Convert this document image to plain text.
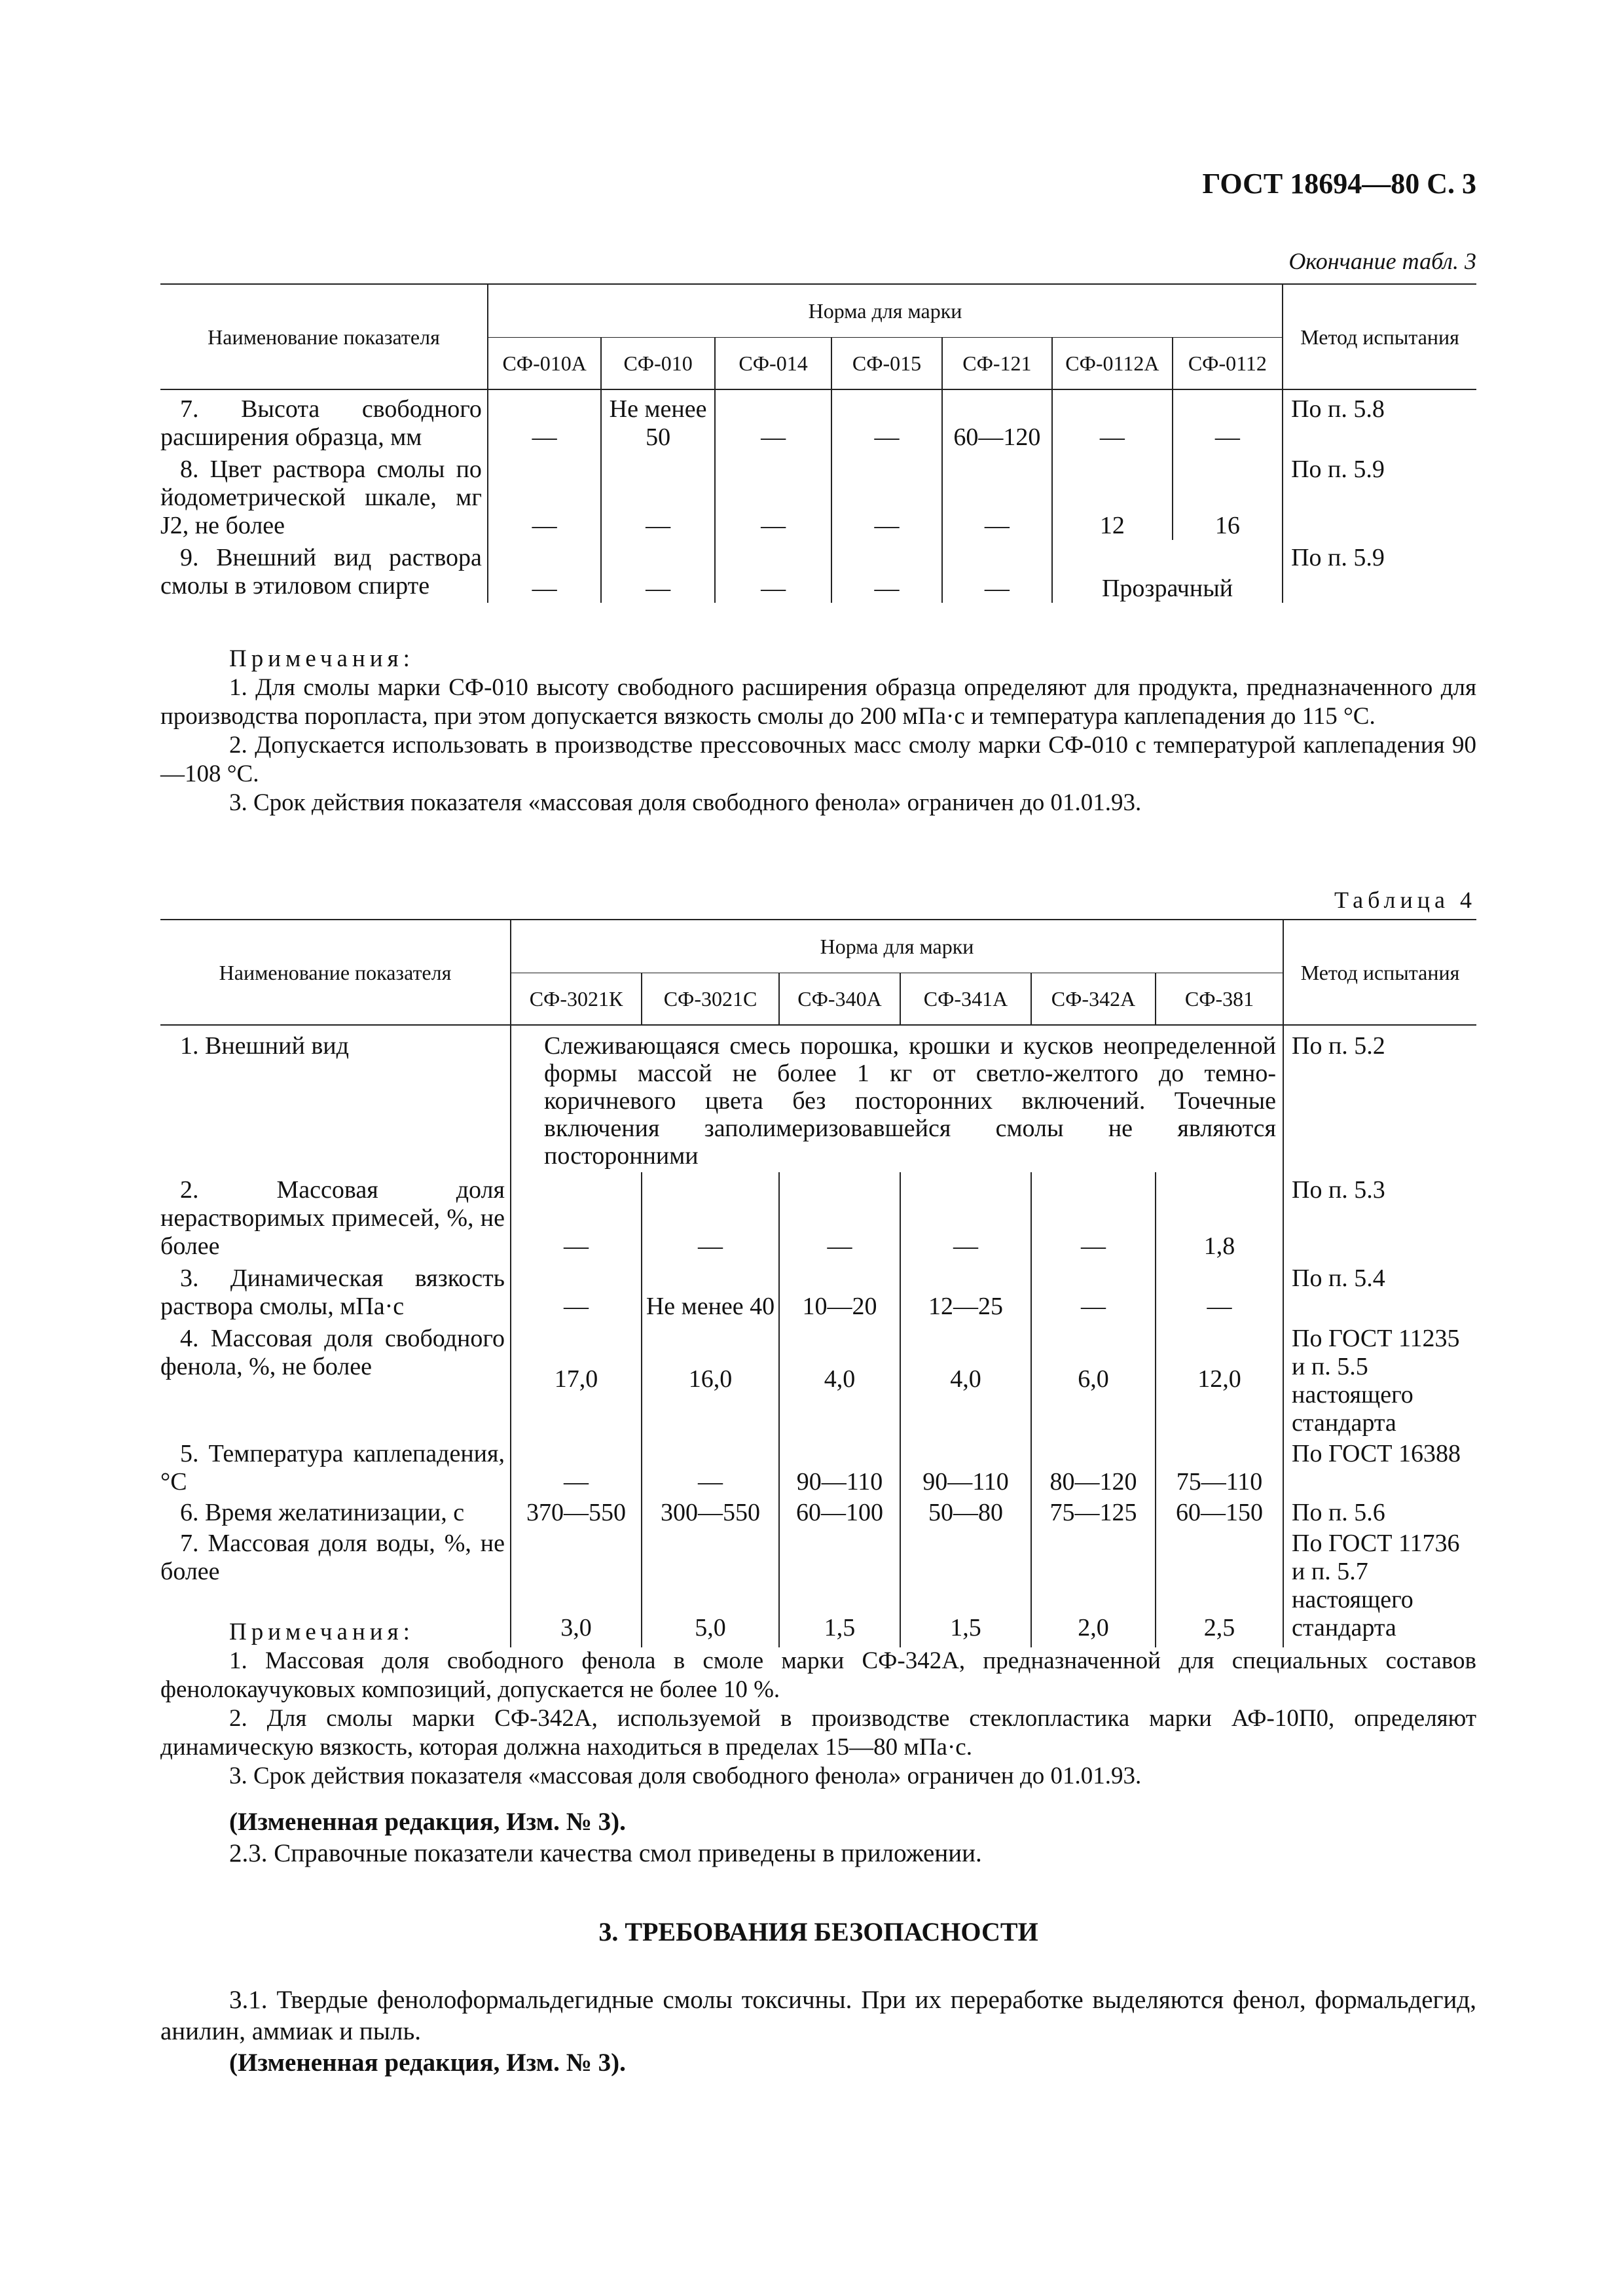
ГОСТ 18694—80 С. 3
Окончание табл. 3
Наименование показателя	Норма для марки							Метод испытания
	СФ-010А	СФ-010	СФ-014	СФ-015	СФ-121	СФ-0112А	СФ-0112	
7. Высота свободного расширения образца, мм	—	Не менее 50	—	—	60—120	—	—	По п. 5.8
8. Цвет раствора смолы по йодометрической шкале, мг J2, не более	—	—	—	—	—	12	16	По п. 5.9
9. Внешний вид раствора смолы в этиловом спирте	—	—	—	—	—	Прозрачный		По п. 5.9

Примечания:

1. Для смолы марки СФ-010 высоту свободного расширения образца определяют для продукта, предназначенного для производства поропласта, при этом допускается вязкость смолы до 200 мПа·с и температура каплепадения до 115 °С.

2. Допускается использовать в производстве прессовочных масс смолу марки СФ-010 с температурой каплепадения 90—108 °С.

3. Срок действия показателя «массовая доля свободного фенола» ограничен до 01.01.93.

Таблица 4
Наименование показателя	Норма для марки						Метод испытания
	СФ-3021К	СФ-3021С	СФ-340А	СФ-341А	СФ-342А	СФ-381	
1. Внешний вид	Слеживающаяся смесь порошка, крошки и кусков неопределенной формы массой не более 1 кг от светло-желтого до темно-коричневого цвета без посторонних включений. Точечные включения заполимеризовавшейся смолы не являются посторонними						По п. 5.2
2. Массовая доля нерастворимых примесей, %, не более	—	—	—	—	—	1,8	По п. 5.3
3. Динамическая вязкость раствора смолы, мПа·с	—	Не менее 40	10—20	12—25	—	—	По п. 5.4
4. Массовая доля свободного фенола, %, не более	17,0	16,0	4,0	4,0	6,0	12,0	По ГОСТ 11235 и п. 5.5 настоящего стандарта
5. Температура каплепадения, °С	—	—	90—110	90—110	80—120	75—110	По ГОСТ 16388
6. Время желатинизации, с	370—550	300—550	60—100	50—80	75—125	60—150	По п. 5.6
7. Массовая доля воды, %, не более	3,0	5,0	1,5	1,5	2,0	2,5	По ГОСТ 11736 и п. 5.7 настоящего стандарта

Примечания:

1. Массовая доля свободного фенола в смоле марки СФ-342А, предназначенной для специальных составов фенолокаучуковых композиций, допускается не более 10 %.

2. Для смолы марки СФ-342А, используемой в производстве стеклопластика марки АФ-10П0, определяют динамическую вязкость, которая должна находиться в пределах 15—80 мПа·с.

3. Срок действия показателя «массовая доля свободного фенола» ограничен до 01.01.93.

(Измененная редакция, Изм. № 3).

2.3. Справочные показатели качества смол приведены в приложении.

3. ТРЕБОВАНИЯ БЕЗОПАСНОСТИ

3.1. Твердые фенолоформальдегидные смолы токсичны. При их переработке выделяются фенол, формальдегид, анилин, аммиак и пыль.

(Измененная редакция, Изм. № 3).
